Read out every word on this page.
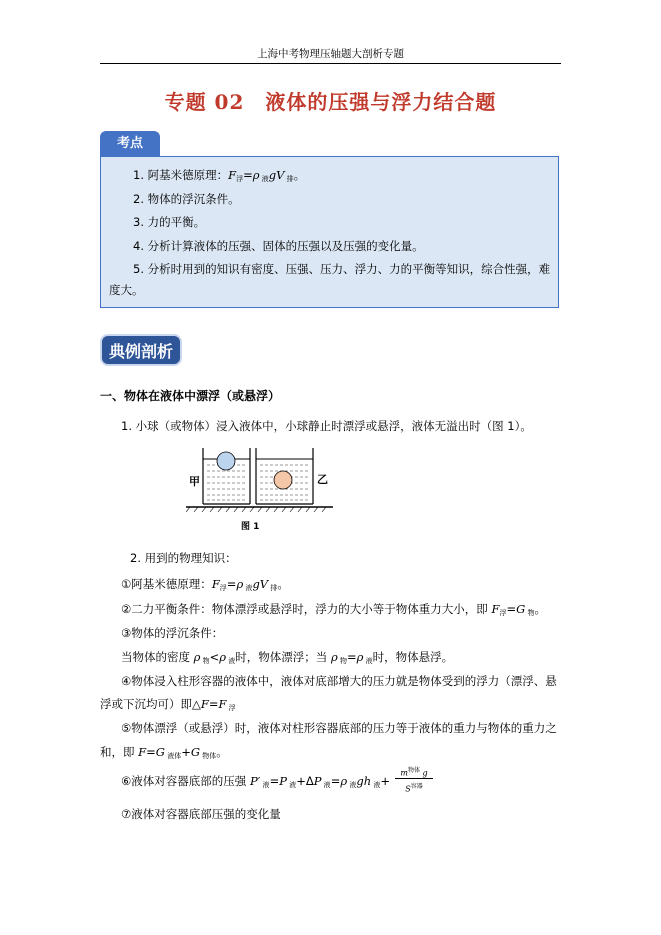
上海中考物理压轴题大剖析专题
专题 02　液体的压强与浮力结合题
考点

1. 阿基米德原理：$F_浮=\rho$ $_液$gV $_排$。

2. 物体的浮沉条件。

3. 力的平衡。

4. 分析计算液体的压强、固体的压强以及压强的变化量。

5. 分析时用到的知识有密度、压强、压力、浮力、力的平衡等知识，综合性强，难

度大。

典例剖析
一、物体在液体中漂浮（或悬浮）
1. 小球（或物体）浸入液体中，小球静止时漂浮或悬浮，液体无溢出时（图 1）。
甲	乙
图 1
2. 用到的物理知识：
①阿基米德原理：$F_浮=\rho$ $_液$gV $_排$。
②二力平衡条件：物体漂浮或悬浮时，浮力的大小等于物体重力大小，即 $F_浮=G$ $_物$。
③物体的浮沉条件：
当物体的密度 ρ $_物$<ρ $_液$时，物体漂浮；当 ρ $_物$=ρ $_液$时，物体悬浮。
④物体浸入柱形容器的液体中，液体对底部增大的压力就是物体受到的浮力（漂浮、悬
浮或下沉均可）即△F=F $_浮$
⑤物体漂浮（或悬浮）时，液体对柱形容器底部的压力等于液体的重力与物体的重力之
和，即 F=G $_{液体}$+G $_{物体}$。
⑥液体对容器底部的压强 P′ $_液$=P $_液$+ΔP $_液$=ρ $_液$gh $_液$+
$m^{物体}$ g
$S^{容器}$
⑦液体对容器底部压强的变化量
